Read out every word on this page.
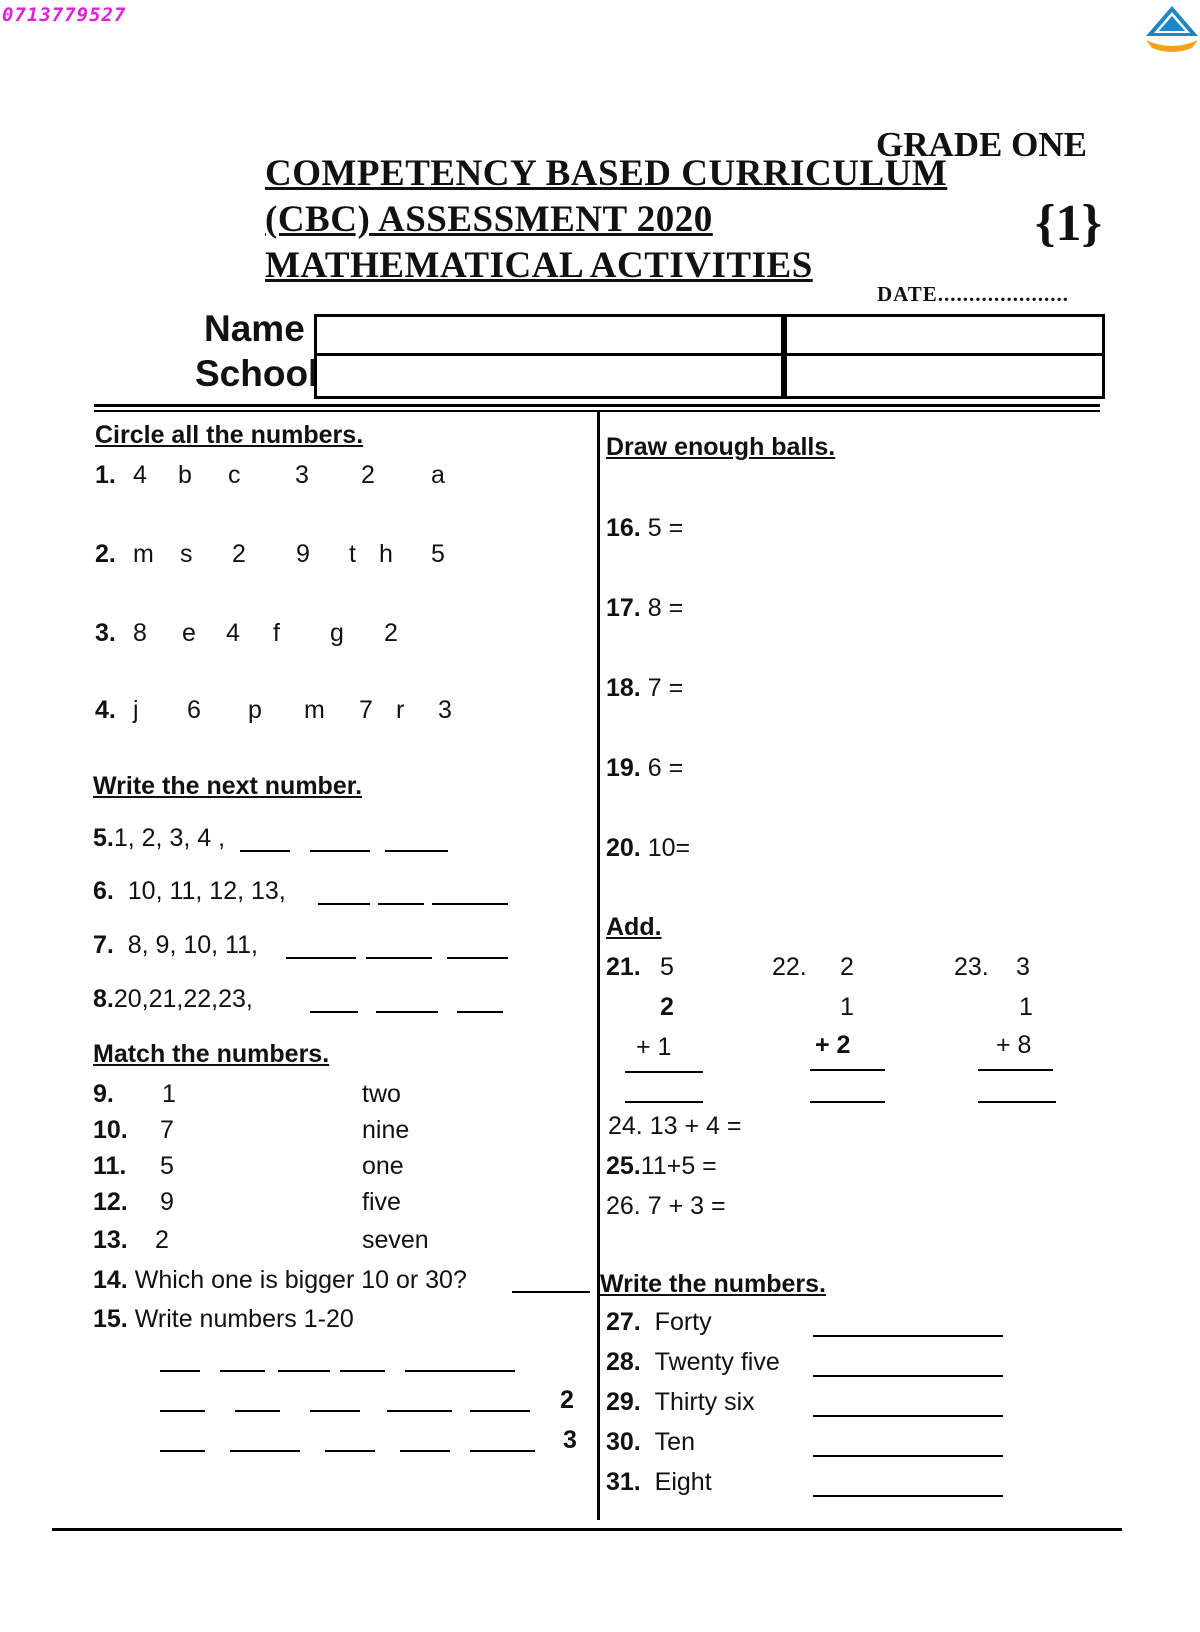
0713779527
GRADE ONE
COMPETENCY BASED CURRICULUM
(CBC) ASSESSMENT 2020
MATHEMATICAL ACTIVITIES
{1}
DATE.....................
Name
School
Circle all the numbers.
1. 4 b c 3 2 a
2. m s 2 9 t h 5
3. 8 e 4 f g 2
4. j 6 p m 7 r 3
Write the next number.
5.1, 2, 3, 4 ,
6. 10, 11, 12, 13,
7. 8, 9, 10, 11,
8.20,21,22,23,
Match the numbers.
9. 1	two
10. 7	nine
11. 5	one
12. 9	five
13. 2	seven
14. Which one is bigger 10 or 30?
15. Write numbers 1-20
2
3
Draw enough balls.
16. 5 =
17. 8 =
18. 7 =
19. 6 =
20. 10=
Add.
21. 5
2
+ 1
22. 2
1
+ 2
23. 3
1
+ 8
24. 13 + 4 =
25.11+5 =
26. 7 + 3 =
Write the numbers.
27. Forty
28. Twenty five
29. Thirty six
30. Ten
31. Eight
